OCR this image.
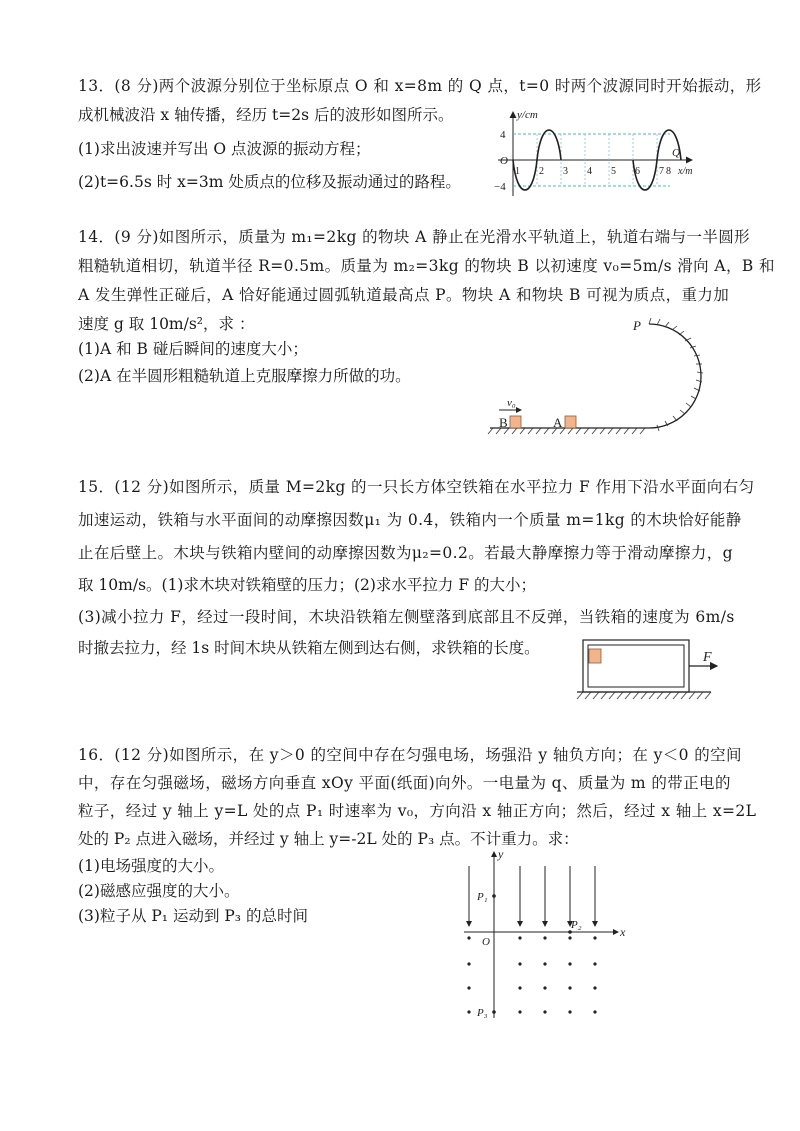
13．(8 分)两个波源分别位于坐标原点 O 和 x=8m 的 Q 点，t=0 时两个波源同时开始振动，形
成机械波沿 x 轴传播，经历 t=2s 后的波形如图所示。
(1)求出波速并写出 O 点波源的振动方程；
(2)t=6.5s 时 x=3m 处质点的位移及振动通过的路程。
y/cm
4
−4
O
1 2 3 4 5 6 7 8
Q
x/m
14．(9 分)如图所示，质量为 m₁=2kg 的物块 A 静止在光滑水平轨道上，轨道右端与一半圆形
粗糙轨道相切，轨道半径 R=0.5m。质量为 m₂=3kg 的物块 B 以初速度 v₀=5m/s 滑向 A，B 和
A 发生弹性正碰后，A 恰好能通过圆弧轨道最高点 P。物块 A 和物块 B 可视为质点，重力加
速度 g 取 10m/s²，求 ：
(1)A 和 B 碰后瞬间的速度大小；
(2)A 在半圆形粗糙轨道上克服摩擦力所做的功。
P
v₀
B	A
15．(12 分)如图所示，质量 M=2kg 的一只长方体空铁箱在水平拉力 F 作用下沿水平面向右匀
加速运动，铁箱与水平面间的动摩擦因数μ₁ 为 0.4，铁箱内一个质量 m=1kg 的木块恰好能静
止在后壁上。木块与铁箱内壁间的动摩擦因数为μ₂=0.2。若最大静摩擦力等于滑动摩擦力，g
取 10m/s。(1)求木块对铁箱壁的压力；(2)求水平拉力 F 的大小；
(3)减小拉力 F，经过一段时间，木块沿铁箱左侧壁落到底部且不反弹，当铁箱的速度为 6m/s
时撤去拉力，经 1s 时间木块从铁箱左侧到达右侧，求铁箱的长度。
F
16．(12 分)如图所示，在 y＞0 的空间中存在匀强电场，场强沿 y 轴负方向；在 y＜0 的空间
中，存在匀强磁场，磁场方向垂直 xOy 平面(纸面)向外。一电量为 q、质量为 m 的带正电的
粒子，经过 y 轴上 y=L 处的点 P₁ 时速率为 v₀，方向沿 x 轴正方向；然后，经过 x 轴上 x=2L
处的 P₂ 点进入磁场，并经过 y 轴上 y=-2L 处的 P₃ 点。不计重力。求：
(1)电场强度的大小。
(2)磁感应强度的大小。
(3)粒子从 P₁ 运动到 P₃ 的总时间
x
y
O
P₁
P₂
P₃
